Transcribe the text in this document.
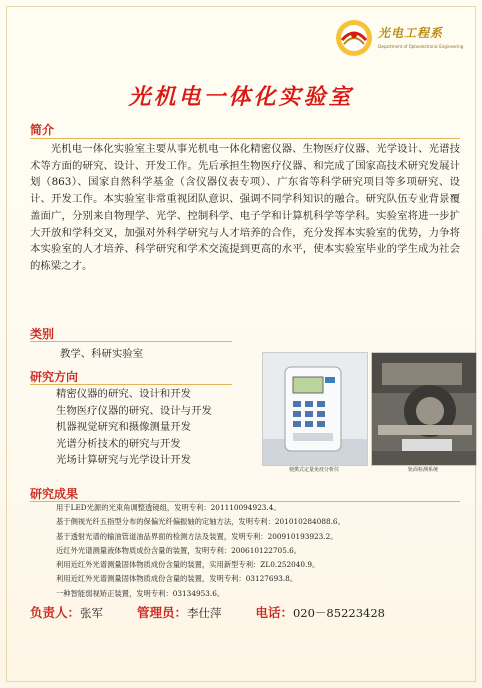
光电工程系
Department of Optoelectronic Engineering
光机电一体化实验室
简介
光机电一体化实验室主要从事光机电一体化精密仪器、生物医疗仪器、光学设计、光谱技术等方面的研究、设计、开发工作。先后承担生物医疗仪器、和完成了国家高技术研究发展计划（863）、国家自然科学基金（含仪器仪表专项）、广东省等科学研究项目等多项研究、设计、开发工作。本实验室非常重视团队意识、强调不同学科知识的融合。研究队伍专业背景覆盖面广，分别来自物理学、光学、控制科学、电子学和计算机科学等学科。实验室将进一步扩大开放和学科交叉，加强对外科学研究与人才培养的合作，充分发挥本实验室的优势，力争将本实验室的人才培养、科学研究和学术交流提到更高的水平，使本实验室毕业的学生成为社会的栋梁之才。
类别
教学、科研实验室
研究方向
精密仪器的研究、设计和开发
生物医疗仪器的研究、设计与开发
机器视觉研究和摄像测量开发
光谱分析技术的研究与开发
光场计算研究与光学设计开发
便携式定量免疫分析仪	轨面检测系统
研究成果
用于LED光源的光束角调整透镜组，发明专利：201110094923.4。
基于侧视光纤五指型分布的保偏光纤偏振轴的定轴方法，发明专利：201010284088.6。
基于透射光谱的输油管道油品界面的检测方法及装置，发明专利：200910193923.2。
近红外光谱测量液体物质成份含量的装置，发明专利：200610122705.6。
利用近红外光谱测量固体物质成份含量的装置，实用新型专利：ZL0.252040.9。
利用近红外光谱测量固体物质成份含量的装置，发明专利：03127693.8。
一种智能弱视矫正装置，发明专利：03134953.6。
负责人：张军	管理员：李仕萍	电话：020－85223428
